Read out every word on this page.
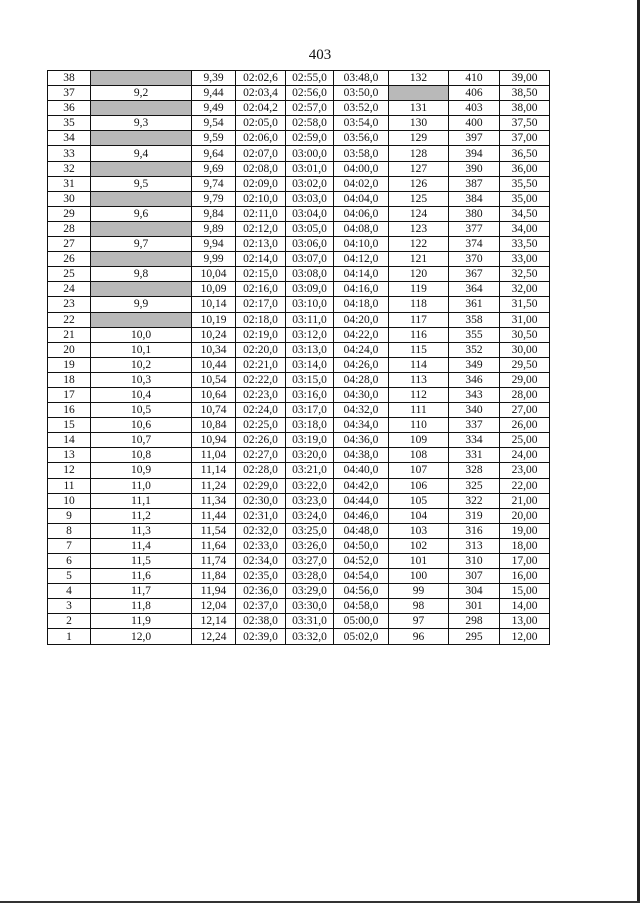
403
38		9,39	02:02,6	02:55,0	03:48,0	132	410	39,00
37	9,2	9,44	02:03,4	02:56,0	03:50,0		406	38,50
36		9,49	02:04,2	02:57,0	03:52,0	131	403	38,00
35	9,3	9,54	02:05,0	02:58,0	03:54,0	130	400	37,50
34		9,59	02:06,0	02:59,0	03:56,0	129	397	37,00
33	9,4	9,64	02:07,0	03:00,0	03:58,0	128	394	36,50
32		9,69	02:08,0	03:01,0	04:00,0	127	390	36,00
31	9,5	9,74	02:09,0	03:02,0	04:02,0	126	387	35,50
30		9,79	02:10,0	03:03,0	04:04,0	125	384	35,00
29	9,6	9,84	02:11,0	03:04,0	04:06,0	124	380	34,50
28		9,89	02:12,0	03:05,0	04:08,0	123	377	34,00
27	9,7	9,94	02:13,0	03:06,0	04:10,0	122	374	33,50
26		9,99	02:14,0	03:07,0	04:12,0	121	370	33,00
25	9,8	10,04	02:15,0	03:08,0	04:14,0	120	367	32,50
24		10,09	02:16,0	03:09,0	04:16,0	119	364	32,00
23	9,9	10,14	02:17,0	03:10,0	04:18,0	118	361	31,50
22		10,19	02:18,0	03:11,0	04:20,0	117	358	31,00
21	10,0	10,24	02:19,0	03:12,0	04:22,0	116	355	30,50
20	10,1	10,34	02:20,0	03:13,0	04:24,0	115	352	30,00
19	10,2	10,44	02:21,0	03:14,0	04:26,0	114	349	29,50
18	10,3	10,54	02:22,0	03:15,0	04:28,0	113	346	29,00
17	10,4	10,64	02:23,0	03:16,0	04:30,0	112	343	28,00
16	10,5	10,74	02:24,0	03:17,0	04:32,0	111	340	27,00
15	10,6	10,84	02:25,0	03:18,0	04:34,0	110	337	26,00
14	10,7	10,94	02:26,0	03:19,0	04:36,0	109	334	25,00
13	10,8	11,04	02:27,0	03:20,0	04:38,0	108	331	24,00
12	10,9	11,14	02:28,0	03:21,0	04:40,0	107	328	23,00
11	11,0	11,24	02:29,0	03:22,0	04:42,0	106	325	22,00
10	11,1	11,34	02:30,0	03:23,0	04:44,0	105	322	21,00
9	11,2	11,44	02:31,0	03:24,0	04:46,0	104	319	20,00
8	11,3	11,54	02:32,0	03:25,0	04:48,0	103	316	19,00
7	11,4	11,64	02:33,0	03:26,0	04:50,0	102	313	18,00
6	11,5	11,74	02:34,0	03:27,0	04:52,0	101	310	17,00
5	11,6	11,84	02:35,0	03:28,0	04:54,0	100	307	16,00
4	11,7	11,94	02:36,0	03:29,0	04:56,0	99	304	15,00
3	11,8	12,04	02:37,0	03:30,0	04:58,0	98	301	14,00
2	11,9	12,14	02:38,0	03:31,0	05:00,0	97	298	13,00
1	12,0	12,24	02:39,0	03:32,0	05:02,0	96	295	12,00
